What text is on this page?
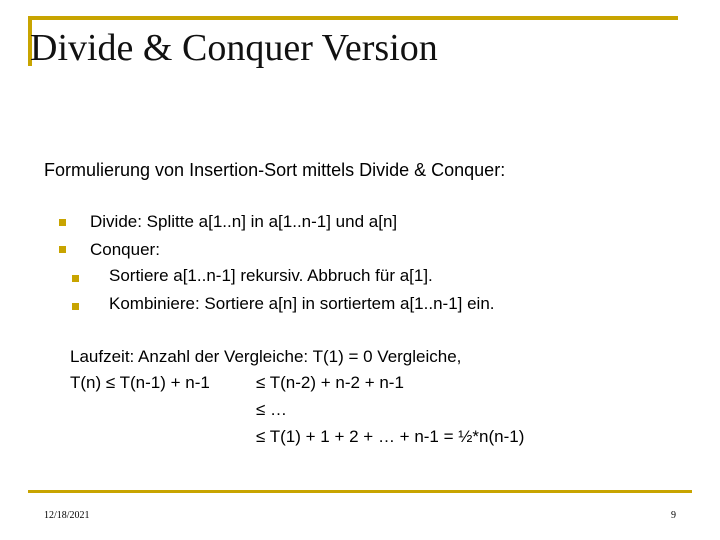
Divide & Conquer Version
Formulierung von Insertion-Sort mittels Divide & Conquer:
Divide: Splitte a[1..n] in a[1..n-1] und a[n]
Conquer:
Sortiere a[1..n-1] rekursiv. Abbruch für a[1].
Kombiniere: Sortiere a[n] in sortiertem a[1..n-1] ein.
Laufzeit: Anzahl der Vergleiche: T(1) = 0 Vergleiche,
T(n) ≤ T(n-1) + n-1	≤ T(n-2) + n-2 + n-1
≤ …
≤ T(1) + 1 + 2 + … + n-1 = ½*n(n-1)
12/18/2021	9
